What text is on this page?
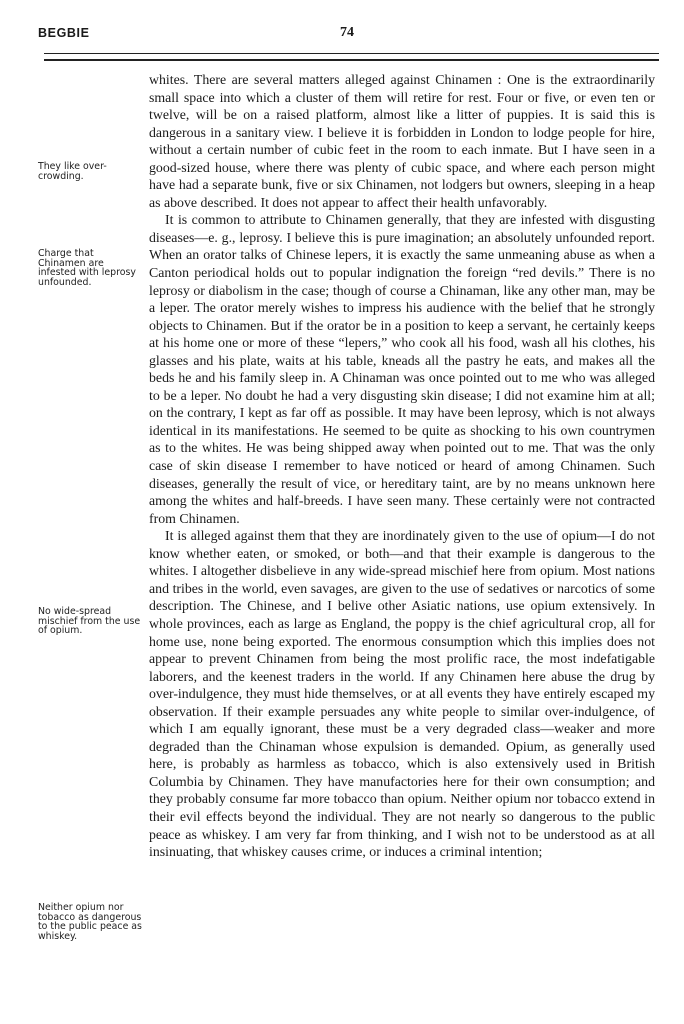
BEGBIE	74
They like over-crowding.
Charge that Chinamen are infested with leprosy unfounded.
No wide-spread mischief from the use of opium.
Neither opium nor tobacco as dangerous to the public peace as whiskey.

whites. There are several matters alleged against Chinamen : One is the extraordinarily small space into which a cluster of them will retire for rest. Four or five, or even ten or twelve, will be on a raised platform, almost like a litter of puppies. It is said this is dangerous in a sanitary view. I believe it is forbidden in London to lodge people for hire, without a certain number of cubic feet in the room to each inmate. But I have seen in a good-sized house, where there was plenty of cubic space, and where each person might have had a separate bunk, five or six Chinamen, not lodgers but owners, sleeping in a heap as above described. It does not appear to affect their health unfavorably.

It is common to attribute to Chinamen generally, that they are infested with disgusting diseases—e. g., leprosy. I believe this is pure imagination; an absolutely unfounded report. When an orator talks of Chinese lepers, it is exactly the same unmeaning abuse as when a Canton periodical holds out to popular indignation the foreign “red devils.” There is no leprosy or diabolism in the case; though of course a Chinaman, like any other man, may be a leper. The orator merely wishes to impress his audience with the belief that he strongly objects to Chinamen. But if the orator be in a position to keep a servant, he certainly keeps at his home one or more of these “lepers,” who cook all his food, wash all his clothes, his glasses and his plate, waits at his table, kneads all the pastry he eats, and makes all the beds he and his family sleep in. A Chinaman was once pointed out to me who was alleged to be a leper. No doubt he had a very disgusting skin disease; I did not examine him at all; on the contrary, I kept as far off as possible. It may have been leprosy, which is not always identical in its manifestations. He seemed to be quite as shocking to his own countrymen as to the whites. He was being shipped away when pointed out to me. That was the only case of skin disease I remember to have noticed or heard of among Chinamen. Such diseases, generally the result of vice, or hereditary taint, are by no means unknown here among the whites and half-breeds. I have seen many. These certainly were not contracted from Chinamen.

It is alleged against them that they are inordinately given to the use of opium—I do not know whether eaten, or smoked, or both—and that their example is dangerous to the whites. I altogether disbelieve in any wide-spread mischief here from opium. Most nations and tribes in the world, even savages, are given to the use of sedatives or narcotics of some description. The Chinese, and I belive other Asiatic nations, use opium extensively. In whole provinces, each as large as England, the poppy is the chief agricultural crop, all for home use, none being exported. The enormous consumption which this implies does not appear to prevent Chinamen from being the most prolific race, the most indefatigable laborers, and the keenest traders in the world. If any Chinamen here abuse the drug by over-indulgence, they must hide themselves, or at all events they have entirely escaped my observation. If their example persuades any white people to similar over-indulgence, of which I am equally ignorant, these must be a very degraded class—weaker and more degraded than the Chinaman whose expulsion is demanded. Opium, as generally used here, is probably as harmless as tobacco, which is also extensively used in British Columbia by Chinamen. They have manufactories here for their own consumption; and they probably consume far more tobacco than opium. Neither opium nor tobacco extend in their evil effects beyond the individual. They are not nearly so dangerous to the public peace as whiskey. I am very far from thinking, and I wish not to be understood as at all insinuating, that whiskey causes crime, or induces a criminal intention;
